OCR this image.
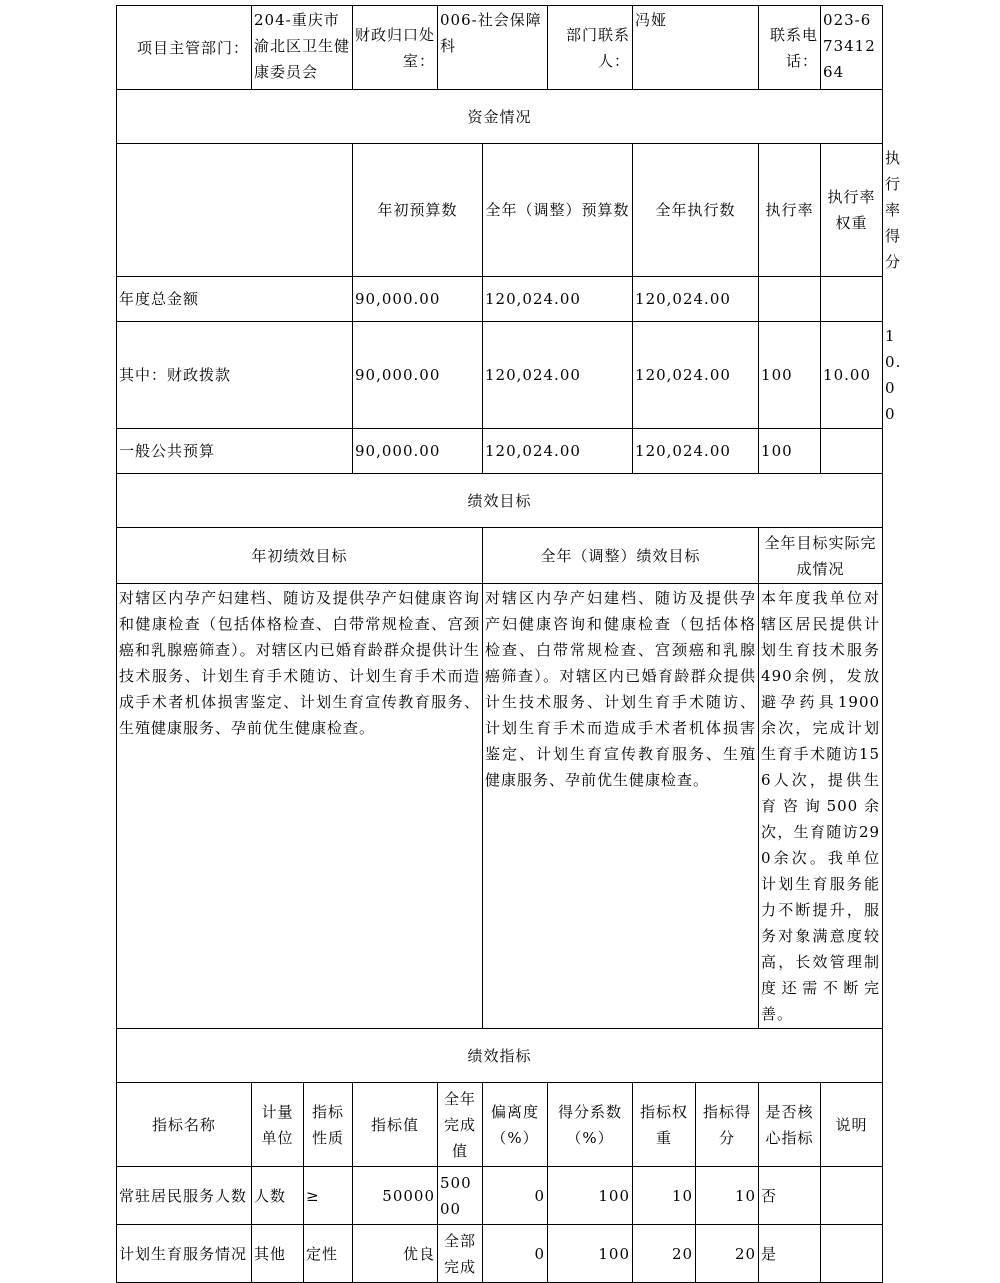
项目主管部门：	204-重庆市渝北区卫生健康委员会		财政归口处室：	006-社会保障科		部门联系人：	冯娅		联系电话：	023-67341264	
资金情况											
			年初预算数		全年（调整）预算数		全年执行数		执行率	执行率权重	执行率得分
年度总金额			90,000.00		120,024.00		120,024.00				
其中：财政拨款			90,000.00		120,024.00		120,024.00		100	10.00	10.00
一般公共预算			90,000.00		120,024.00		120,024.00		100		
绩效目标											
年初绩效目标					全年（调整）绩效目标				全年目标实际完成情况		
对辖区内孕产妇建档、随访及提供孕产妇健康咨询和健康检查（包括体格检查、白带常规检查、宫颈癌和乳腺癌筛查）。对辖区内已婚育龄群众提供计生技术服务、计划生育手术随访、计划生育手术而造成手术者机体损害鉴定、计划生育宣传教育服务、生殖健康服务、孕前优生健康检查。					对辖区内孕产妇建档、随访及提供孕产妇健康咨询和健康检查（包括体格检查、白带常规检查、宫颈癌和乳腺癌筛查）。对辖区内已婚育龄群众提供计生技术服务、计划生育手术随访、计划生育手术而造成手术者机体损害鉴定、计划生育宣传教育服务、生殖健康服务、孕前优生健康检查。				本年度我单位对辖区居民提供计划生育技术服务490余例，发放避孕药具1900余次，完成计划生育手术随访156人次，提供生育咨询500余次，生育随访290余次。我单位计划生育服务能力不断提升，服务对象满意度较高，长效管理制度还需不断完善。		
绩效指标											
指标名称	计量单位	指标性质	指标值	全年完成值	偏离度（%）	得分系数（%）	指标权重	指标得分	是否核心指标	说明	
常驻居民服务人数	人数	≥	50000	50000	0	100	10	10	否		
计划生育服务情况	其他	定性	优良	全部完成	0	100	20	20	是		
